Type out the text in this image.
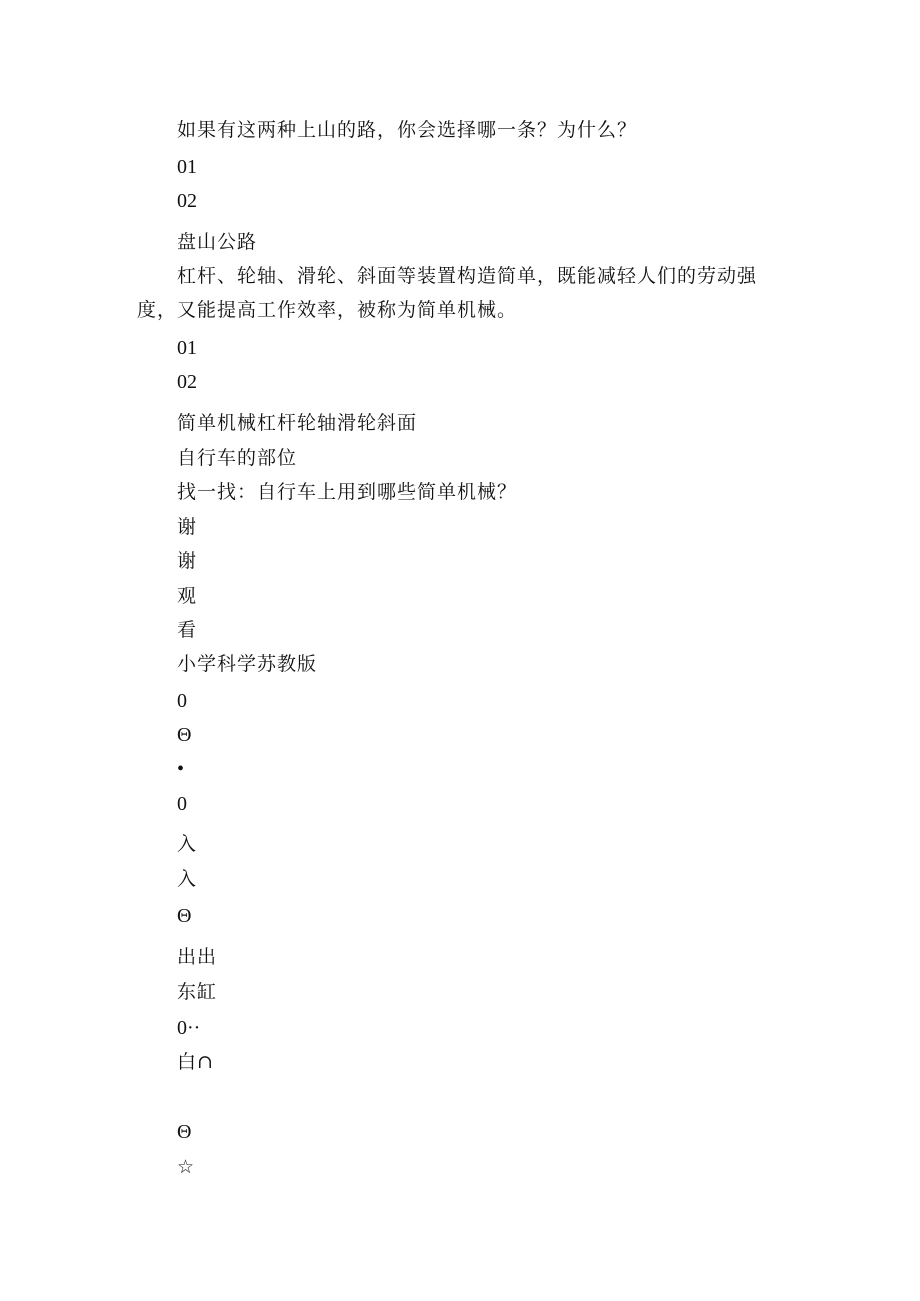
如果有这两种上山的路，你会选择哪一条？为什么？
01
02
盘山公路
杠杆、轮轴、滑轮、斜面等装置构造简单，既能减轻人们的劳动强度，又能提高工作效率，被称为简单机械。
01
02
简单机械杠杆轮轴滑轮斜面
自行车的部位
找一找：自行车上用到哪些简单机械？
谢
谢
观
看
小学科学苏教版
0
Θ
•
0
入
入
Θ
出出
东缸
0··
白∩
Θ
☆
